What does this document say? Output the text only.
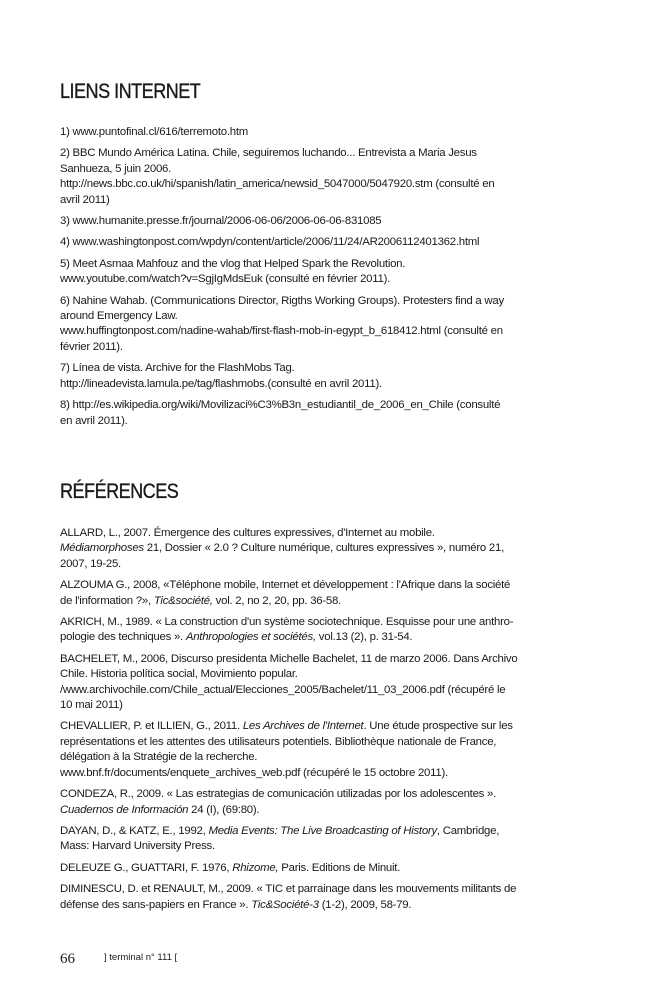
LIENS INTERNET
1) www.puntofinal.cl/616/terremoto.htm
2) BBC Mundo América Latina. Chile, seguiremos luchando... Entrevista a Maria Jesus
Sanhueza, 5 juin 2006.
http://news.bbc.co.uk/hi/spanish/latin_america/newsid_5047000/5047920.stm (consulté en
avril 2011)
3) www.humanite.presse.fr/journal/2006-06-06/2006-06-06-831085
4) www.washingtonpost.com/wpdyn/content/article/2006/11/24/AR2006112401362.html
5) Meet Asmaa Mahfouz and the vlog that Helped Spark the Revolution.
www.youtube.com/watch?v=SgjIgMdsEuk (consulté en février 2011).
6) Nahine Wahab. (Communications Director, Rigths Working Groups). Protesters find a way
around Emergency Law.
www.huffingtonpost.com/nadine-wahab/first-flash-mob-in-egypt_b_618412.html (consulté en
février 2011).
7) Línea de vista. Archive for the FlashMobs Tag.
http://lineadevista.lamula.pe/tag/flashmobs.(consulté en avril 2011).
8) http://es.wikipedia.org/wiki/Movilizaci%C3%B3n_estudiantil_de_2006_en_Chile (consulté
en avril 2011).
RÉFÉRENCES
ALLARD, L., 2007. Émergence des cultures expressives, d'Internet au mobile.
Médiamorphoses 21, Dossier « 2.0 ? Culture numérique, cultures expressives », numéro 21,
2007, 19-25.
ALZOUMA G., 2008, «Téléphone mobile, Internet et développement : l'Afrique dans la société
de l'information ?», Tic&société, vol. 2, no 2, 20, pp. 36-58.
AKRICH, M., 1989. « La construction d'un système sociotechnique. Esquisse pour une anthro-
pologie des techniques ». Anthropologies et sociétés, vol.13 (2), p. 31-54.
BACHELET, M., 2006, Discurso presidenta Michelle Bachelet, 11 de marzo 2006. Dans Archivo
Chile. Historia política social, Movimiento popular.
/www.archivochile.com/Chile_actual/Elecciones_2005/Bachelet/11_03_2006.pdf (récupéré le
10 mai 2011)
CHEVALLIER, P. et ILLIEN, G., 2011. Les Archives de l'Internet. Une étude prospective sur les
représentations et les attentes des utilisateurs potentiels. Bibliothèque nationale de France,
délégation à la Stratégie de la recherche.
www.bnf.fr/documents/enquete_archives_web.pdf (récupéré le 15 octobre 2011).
CONDEZA, R., 2009. « Las estrategias de comunicación utilizadas por los adolescentes ».
Cuadernos de Información 24 (I), (69:80).
DAYAN, D., & KATZ, E., 1992, Media Events: The Live Broadcasting of History, Cambridge,
Mass: Harvard University Press.
DELEUZE G., GUATTARI, F. 1976, Rhizome, Paris. Editions de Minuit.
DIMINESCU, D. et RENAULT, M., 2009. « TIC et parrainage dans les mouvements militants de
défense des sans-papiers en France ». Tic&Société-3 (1-2), 2009, 58-79.
66	] terminal n° 111 [
